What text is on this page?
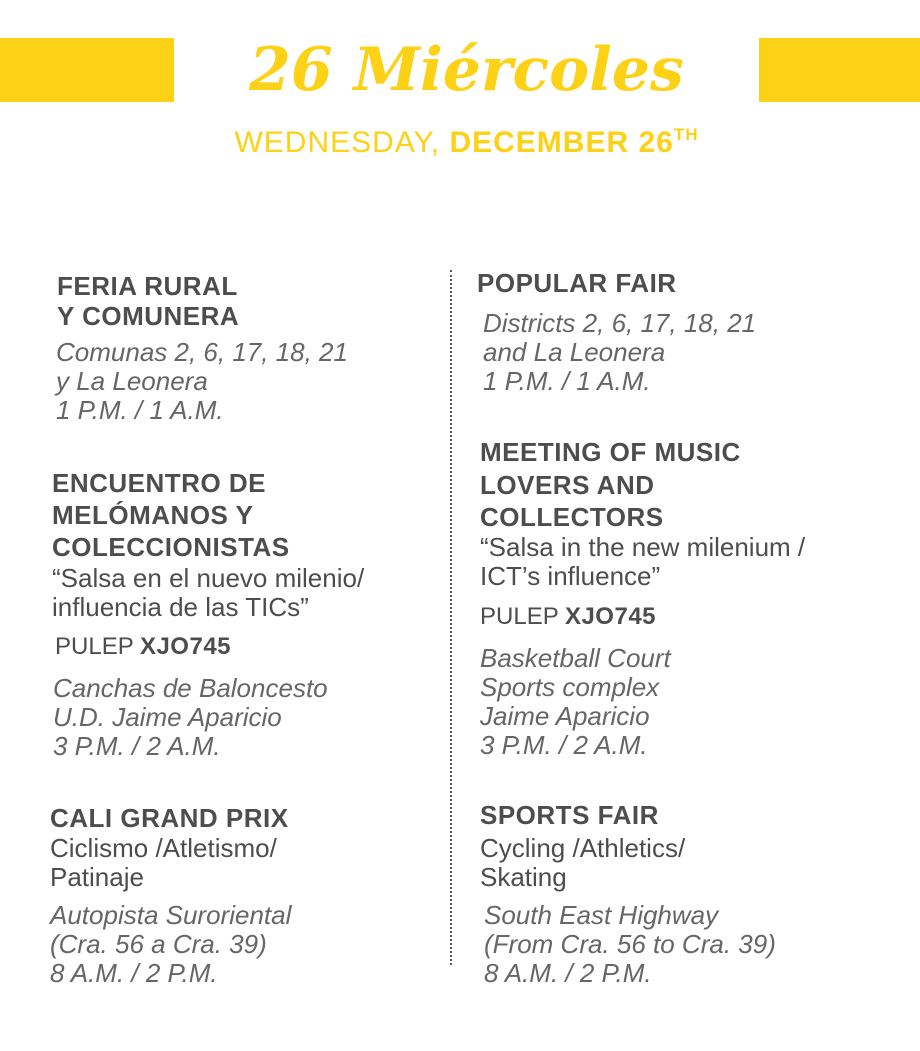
26 Miércoles
WEDNESDAY, DECEMBER 26TH
FERIA RURAL
Y COMUNERA
Comunas 2, 6, 17, 18, 21
y La Leonera
1 P.M. / 1 A.M.
ENCUENTRO DE
MELÓMANOS Y
COLECCIONISTAS
“Salsa en el nuevo milenio/
influencia de las TICs”
PULEP XJO745
Canchas de Baloncesto
U.D. Jaime Aparicio
3 P.M. / 2 A.M.
CALI GRAND PRIX
Ciclismo /Atletismo/
Patinaje
Autopista Suroriental
(Cra. 56 a Cra. 39)
8 A.M. / 2 P.M.
POPULAR FAIR
Districts 2, 6, 17, 18, 21
and La Leonera
1 P.M. / 1 A.M.
MEETING OF MUSIC
LOVERS AND
COLLECTORS
“Salsa in the new milenium /
ICT’s influence”
PULEP XJO745
Basketball Court
Sports complex
Jaime Aparicio
3 P.M. / 2 A.M.
SPORTS FAIR
Cycling /Athletics/
Skating
South East Highway
(From Cra. 56 to Cra. 39)
8 A.M. / 2 P.M.
